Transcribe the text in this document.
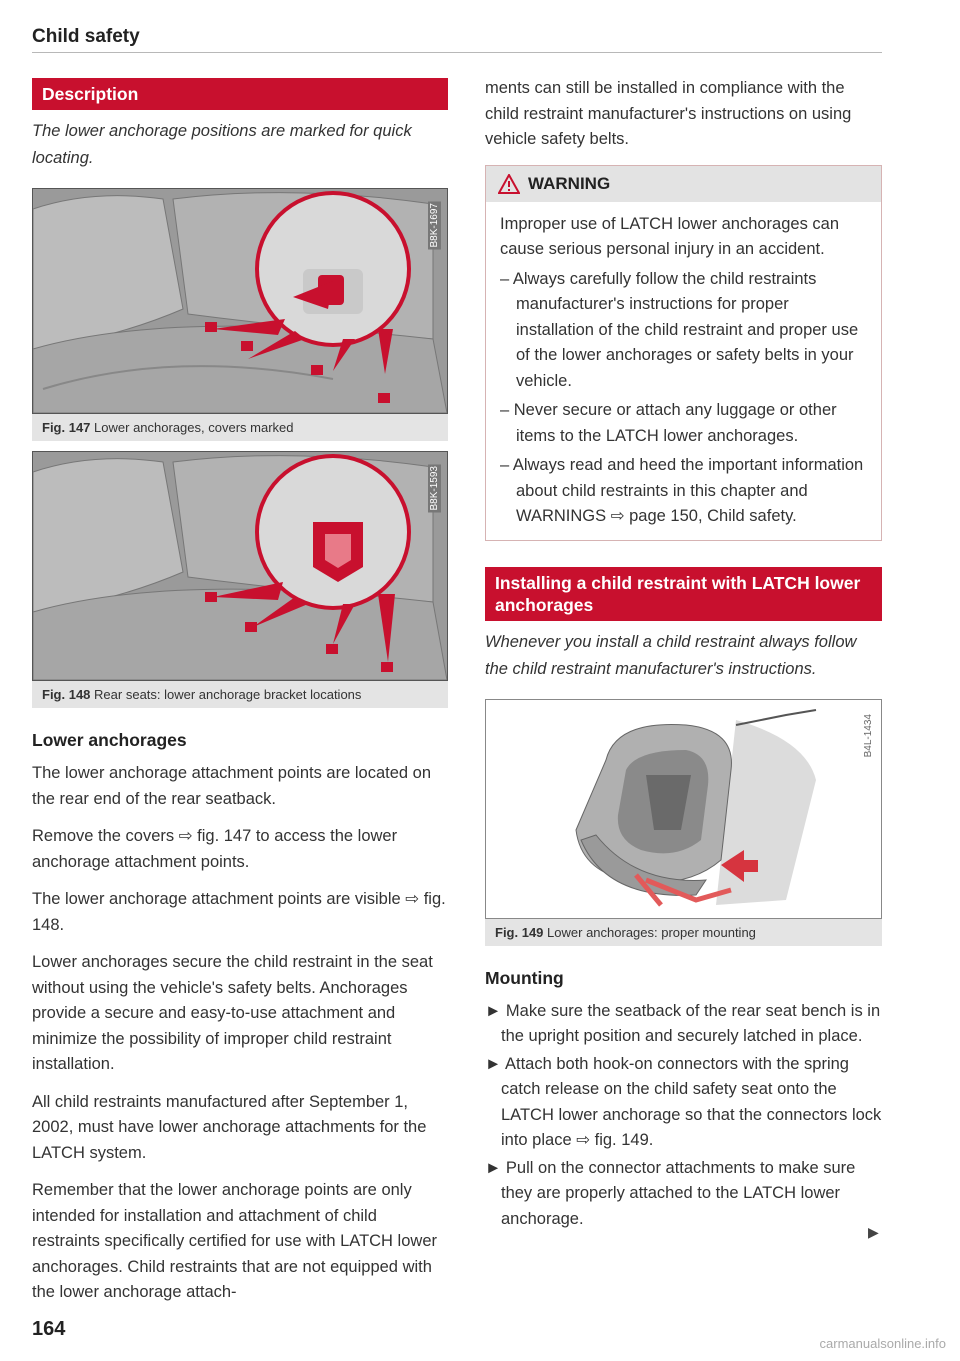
Child safety
Description
The lower anchorage positions are marked for quick locating.
B8K-1697
Fig. 147 Lower anchorages, covers marked
B8K-1593
Fig. 148 Rear seats: lower anchorage bracket locations
Lower anchorages

The lower anchorage attachment points are located on the rear end of the rear seatback.

Remove the covers ⇨ fig. 147 to access the lower anchorage attachment points.

The lower anchorage attachment points are visible ⇨ fig. 148.

Lower anchorages secure the child restraint in the seat without using the vehicle's safety belts. Anchorages provide a secure and easy-to-use attachment and minimize the possibility of improper child restraint installation.

All child restraints manufactured after September 1, 2002, must have lower anchorage attachments for the LATCH system.

Remember that the lower anchorage points are only intended for installation and attachment of child restraints specifically certified for use with LATCH lower anchorages. Child restraints that are not equipped with the lower anchorage attach-

ments can still be installed in compliance with the child restraint manufacturer's instructions on using vehicle safety belts.

WARNING

Improper use of LATCH lower anchorages can cause serious personal injury in an accident.

– Always carefully follow the child restraints manufacturer's instructions for proper installation of the child restraint and proper use of the lower anchorages or safety belts in your vehicle.
– Never secure or attach any luggage or other items to the LATCH lower anchorages.
– Always read and heed the important information about child restraints in this chapter and WARNINGS ⇨ page 150, Child safety.
Installing a child restraint with LATCH lower anchorages
Whenever you install a child restraint always follow the child restraint manufacturer's instructions.
B4L-1434
Fig. 149 Lower anchorages: proper mounting
Mounting
► Make sure the seatback of the rear seat bench is in the upright position and securely latched in place.
► Attach both hook-on connectors with the spring catch release on the child safety seat onto the LATCH lower anchorage so that the connectors lock into place ⇨ fig. 149.
► Pull on the connector attachments to make sure they are properly attached to the LATCH lower anchorage.
▶
164
carmanualsonline.info
